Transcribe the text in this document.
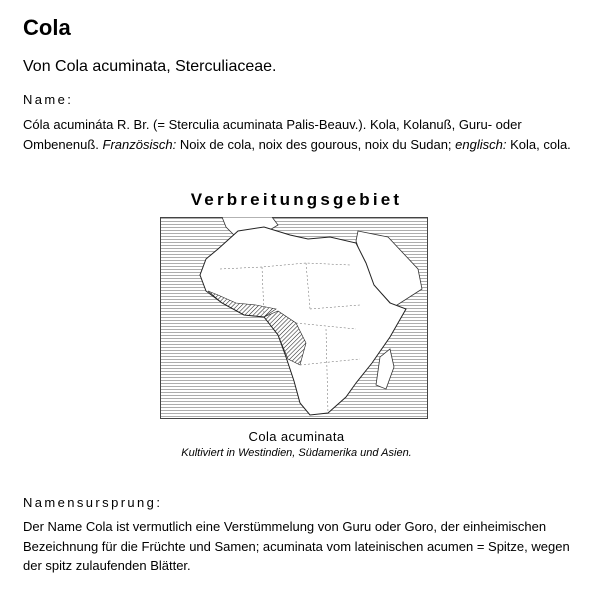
Cola

Von Cola acuminata, Sterculiaceae.

Name:

Cóla acumináta R. Br. (= Sterculia acuminata Palis-Beauv.). Kola, Kolanuß, Guru- oder Ombenenuß. Französisch: Noix de cola, noix des gourous, noix du Sudan; englisch: Kola, cola.

Verbreitungsgebiet

Cola acuminata

Kultiviert in Westindien, Südamerika und Asien.

Namensursprung:

Der Name Cola ist vermutlich eine Verstümmelung von Guru oder Goro, der einheimischen Bezeichnung für die Früchte und Samen; acuminata vom lateinischen acumen = Spitze, wegen der spitz zulaufenden Blätter.
